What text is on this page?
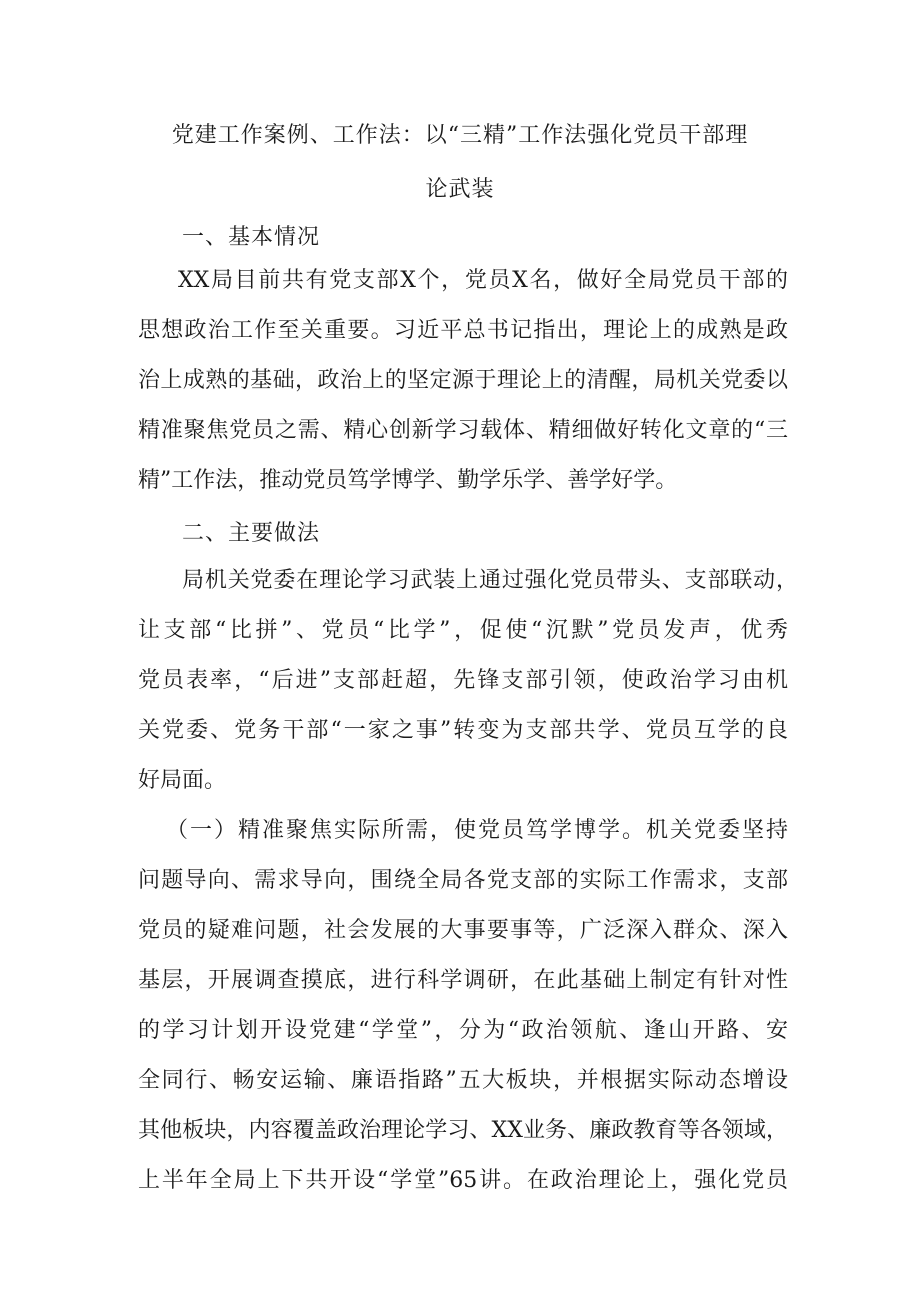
党建工作案例、工作法：以“三精”工作法强化党员干部理
论武装
一、基本情况
XX局目前共有党支部X个，党员X名，做好全局党员干部的
思想政治工作至关重要。习近平总书记指出，理论上的成熟是政
治上成熟的基础，政治上的坚定源于理论上的清醒，局机关党委以
精准聚焦党员之需、精心创新学习载体、精细做好转化文章的“三
精”工作法，推动党员笃学博学、勤学乐学、善学好学。
二、主要做法
局机关党委在理论学习武装上通过强化党员带头、支部联动，
让支部“比拼”、党员“比学”，促使“沉默”党员发声，优秀
党员表率，“后进”支部赶超，先锋支部引领，使政治学习由机
关党委、党务干部“一家之事”转变为支部共学、党员互学的良
好局面。
（一）精准聚焦实际所需，使党员笃学博学。机关党委坚持
问题导向、需求导向，围绕全局各党支部的实际工作需求，支部
党员的疑难问题，社会发展的大事要事等，广泛深入群众、深入
基层，开展调查摸底，进行科学调研，在此基础上制定有针对性
的学习计划开设党建“学堂”，分为“政治领航、逢山开路、安
全同行、畅安运输、廉语指路”五大板块，并根据实际动态增设
其他板块，内容覆盖政治理论学习、XX业务、廉政教育等各领域，
上半年全局上下共开设“学堂”65讲。在政治理论上，强化党员
